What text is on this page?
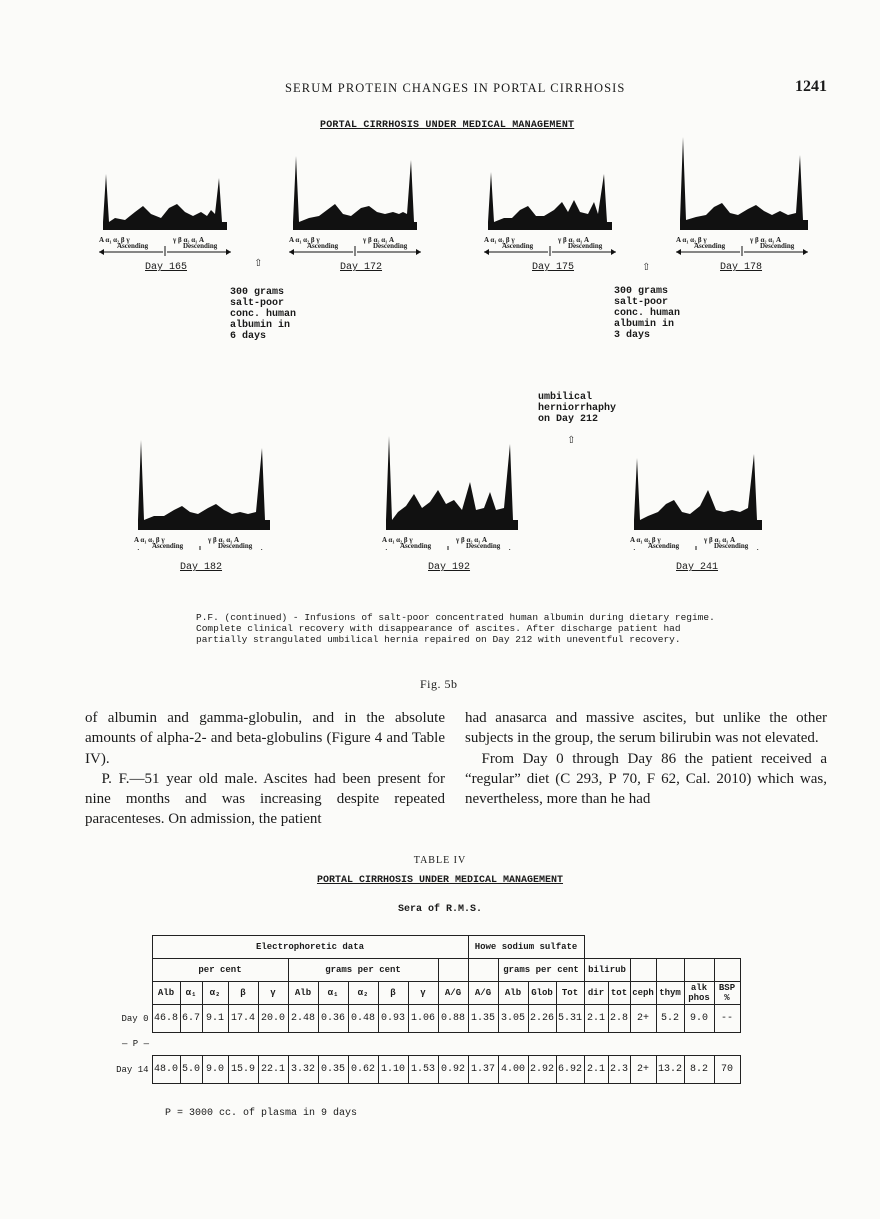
SERUM PROTEIN CHANGES IN PORTAL CIRRHOSIS	1241
PORTAL CIRRHOSIS UNDER MEDICAL MANAGEMENT
A α₁ α₂ β γ	γ β α₂ α₁ A
Ascending	Descending
Day 165
A α₁ α₂ β γ	γ β α₂ α₁ A
Ascending	Descending
Day 172
A α₁ α₂ β γ	γ β α₂ α₁ A
Ascending	Descending
Day 175
A α₁ α₂ β γ	γ β α₂ α₁ A
Ascending	Descending
Day 178
A α₁ α₂ β γ	γ β α₂ α₁ A
Ascending	Descending
Day 182
A α₁ α₂ β γ	γ β α₂ α₁ A
Ascending	Descending
Day 192
A α₁ α₂ β γ	γ β α₂ α₁ A
Ascending	Descending
Day 241
⇧
300 grams
salt-poor
conc. human
albumin in
6 days
⇧
300 grams
salt-poor
conc. human
albumin in
3 days
umbilical
herniorrhaphy
on Day 212
⇧
P.F. (continued) - Infusions of salt-poor concentrated human albumin during dietary regime. Complete clinical recovery with disappearance of ascites. After discharge patient had partially strangulated umbilical hernia repaired on Day 212 with uneventful recovery.
Fig. 5b

of albumin and gamma-globulin, and in the absolute amounts of alpha-2- and beta-globulins (Figure 4 and Table IV).

P. F.—51 year old male. Ascites had been present for nine months and was increasing despite repeated paracenteses. On admission, the patient

had anasarca and massive ascites, but unlike the other subjects in the group, the serum bilirubin was not elevated.

From Day 0 through Day 86 the patient received a “regular” diet (C 293, P 70, F 62, Cal. 2010) which was, nevertheless, more than he had

TABLE IV
PORTAL CIRRHOSIS UNDER MEDICAL MANAGEMENT
Sera of R.M.S.
	Electrophoretic data											Howe sodium sulfate									
	per cent					grams per cent							grams per cent			bilirub					
	Alb	α₁	α₂	β	γ	Alb	α₁	α₂	β	γ	A/G	A/G	Alb	Glob	Tot	dir	tot	ceph	thym	alk phos	BSP %
Day 0	46.8	6.7	9.1	17.4	20.0	2.48	0.36	0.48	0.93	1.06	0.88	1.35	3.05	2.26	5.31	2.1	2.8	2+	5.2	9.0	--
— P —																					
Day 14	48.0	5.0	9.0	15.9	22.1	3.32	0.35	0.62	1.10	1.53	0.92	1.37	4.00	2.92	6.92	2.1	2.3	2+	13.2	8.2	70
P = 3000 cc. of plasma in 9 days
